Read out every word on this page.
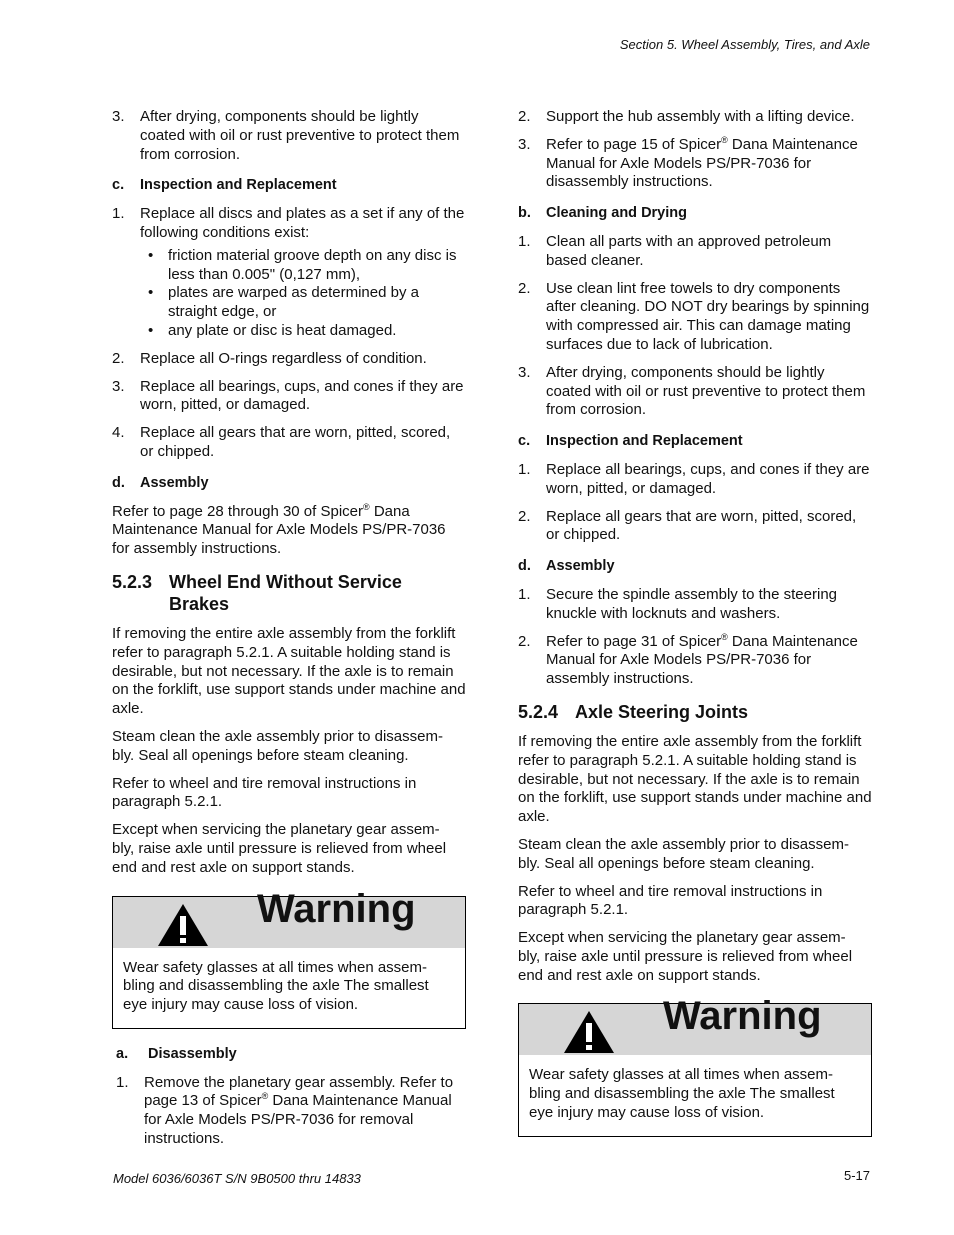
Section 5. Wheel Assembly, Tires, and Axle
3.	After drying, components should be lightly coated with oil or rust preventive to protect them from corrosion.
c.	Inspection and Replacement
1.	Replace all discs and plates as a set if any of the following conditions exist:
• friction material groove depth on any disc is less than 0.005" (0,127 mm),
• plates are warped as determined by a straight edge, or
• any plate or disc is heat damaged.
2.	Replace all O-rings regardless of condition.
3.	Replace all bearings, cups, and cones if they are worn, pitted, or damaged.
4.	Replace all gears that are worn, pitted, scored, or chipped.
d.	Assembly

Refer to page 28 through 30 of Spicer® Dana Maintenance Manual for Axle Models PS/PR-7036 for assembly instructions.

5.2.3 Wheel End Without Service Brakes

If removing the entire axle assembly from the forklift refer to paragraph 5.2.1. A suitable holding stand is desirable, but not necessary. If the axle is to remain on the forklift, use support stands under machine and axle.

Steam clean the axle assembly prior to disassem- bly. Seal all openings before steam cleaning.

Refer to wheel and tire removal instructions in paragraph 5.2.1.

Except when servicing the planetary gear assem- bly, raise axle until pressure is relieved from wheel end and rest axle on support stands.

Warning
Wear safety glasses at all times when assem- bling and disassembling the axle The smallest eye injury may cause loss of vision.
a.	Disassembly
1.	Remove the planetary gear assembly. Refer to page 13 of Spicer® Dana Maintenance Manual for Axle Models PS/PR-7036 for removal instructions.
2.	Support the hub assembly with a lifting device.
3.	Refer to page 15 of Spicer® Dana Maintenance Manual for Axle Models PS/PR-7036 for disassembly instructions.
b.	Cleaning and Drying
1.	Clean all parts with an approved petroleum based cleaner.
2.	Use clean lint free towels to dry components after cleaning. DO NOT dry bearings by spinning with compressed air. This can damage mating surfaces due to lack of lubrication.
3.	After drying, components should be lightly coated with oil or rust preventive to protect them from corrosion.
c.	Inspection and Replacement
1.	Replace all bearings, cups, and cones if they are worn, pitted, or damaged.
2.	Replace all gears that are worn, pitted, scored, or chipped.
d.	Assembly
1.	Secure the spindle assembly to the steering knuckle with locknuts and washers.
2.	Refer to page 31 of Spicer® Dana Maintenance Manual for Axle Models PS/PR-7036 for assembly instructions.
5.2.4 Axle Steering Joints

If removing the entire axle assembly from the forklift refer to paragraph 5.2.1. A suitable holding stand is desirable, but not necessary. If the axle is to remain on the forklift, use support stands under machine and axle.

Steam clean the axle assembly prior to disassem- bly. Seal all openings before steam cleaning.

Refer to wheel and tire removal instructions in paragraph 5.2.1.

Except when servicing the planetary gear assem- bly, raise axle until pressure is relieved from wheel end and rest axle on support stands.

Warning
Wear safety glasses at all times when assem- bling and disassembling the axle The smallest eye injury may cause loss of vision.
Model 6036/6036T S/N 9B0500 thru 14833	5-17
